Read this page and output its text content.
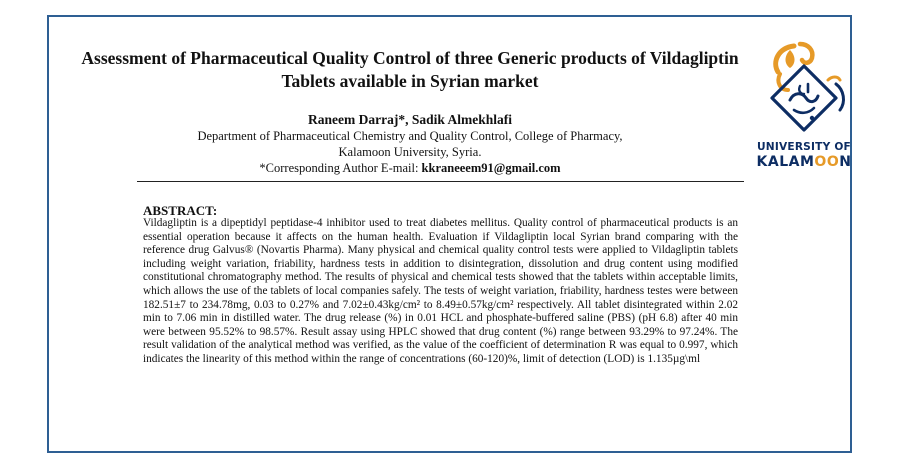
Assessment of Pharmaceutical Quality Control of three Generic products of Vildagliptin Tablets available in Syrian market

Raneem Darraj*, Sadik Almekhlafi

Department of Pharmaceutical Chemistry and Quality Control, College of Pharmacy,
Kalamoon University, Syria.

*Corresponding Author E-mail: kkraneeem91@gmail.com

UNIVERSITY OF
KALAMOON
ABSTRACT:

Vildagliptin is a dipeptidyl peptidase-4 inhibitor used to treat diabetes mellitus. Quality control of pharmaceutical products is an essential operation because it affects on the human health. Evaluation if Vildagliptin local Syrian brand comparing with the reference drug Galvus® (Novartis Pharma). Many physical and chemical quality control tests were applied to Vildagliptin tablets including weight variation, friability, hardness tests in addition to disintegration, dissolution and drug content using modified constitutional chromatography method. The results of physical and chemical tests showed that the tablets within acceptable limits, which allows the use of the tablets of local companies safely. The tests of weight variation, friability, hardness testes were between 182.51±7 to 234.78mg, 0.03 to 0.27% and 7.02±0.43kg/cm² to 8.49±0.57kg/cm² respectively. All tablet disintegrated within 2.02 min to 7.06 min in distilled water. The drug release (%) in 0.01 HCL and phosphate-buffered saline (PBS) (pH 6.8) after 40 min were between 95.52% to 98.57%. Result assay using HPLC showed that drug content (%) range between 93.29% to 97.24%. The result validation of the analytical method was verified, as the value of the coefficient of determination R was equal to 0.997, which indicates the linearity of this method within the range of concentrations (60-120)%, limit of detection (LOD) is 1.135µg\ml
